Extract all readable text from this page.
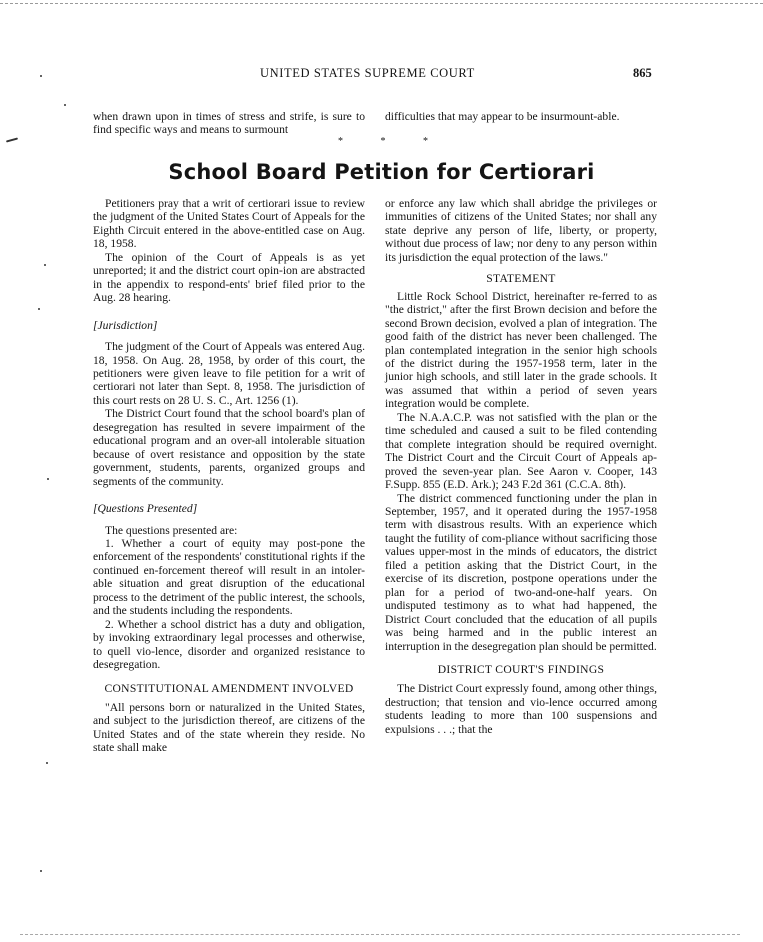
UNITED STATES SUPREME COURT	865

when drawn upon in times of stress and strife, is sure to find specific ways and means to surmount

difficulties that may appear to be insurmount-able.

*	*	*
School Board Petition for Certiorari

Petitioners pray that a writ of certiorari issue to review the judgment of the United States Court of Appeals for the Eighth Circuit entered in the above-entitled case on Aug. 18, 1958.

The opinion of the Court of Appeals is as yet unreported; it and the district court opin-ion are abstracted in the appendix to respond-ents' brief filed prior to the Aug. 28 hearing.

[Jurisdiction]

The judgment of the Court of Appeals was entered Aug. 18, 1958. On Aug. 28, 1958, by order of this court, the petitioners were given leave to file petition for a writ of certiorari not later than Sept. 8, 1958. The jurisdiction of this court rests on 28 U. S. C., Art. 1256 (1).

The District Court found that the school board's plan of desegregation has resulted in severe impairment of the educational program and an over-all intolerable situation because of overt resistance and opposition by the state government, students, parents, organized groups and segments of the community.

[Questions Presented]

The questions presented are:

1. Whether a court of equity may post-pone the enforcement of the respondents' constitutional rights if the continued en-forcement thereof will result in an intoler-able situation and great disruption of the educational process to the detriment of the public interest, the schools, and the students including the respondents.

2. Whether a school district has a duty and obligation, by invoking extraordinary legal processes and otherwise, to quell vio-lence, disorder and organized resistance to desegregation.

CONSTITUTIONAL AMENDMENT INVOLVED

"All persons born or naturalized in the United States, and subject to the jurisdiction thereof, are citizens of the United States and of the state wherein they reside. No state shall make

or enforce any law which shall abridge the privileges or immunities of citizens of the United States; nor shall any state deprive any person of life, liberty, or property, without due process of law; nor deny to any person within its jurisdiction the equal protection of the laws."

STATEMENT

Little Rock School District, hereinafter re-ferred to as "the district," after the first Brown decision and before the second Brown decision, evolved a plan of integration. The good faith of the district has never been challenged. The plan contemplated integration in the senior high schools of the district during the 1957-1958 term, later in the junior high schools, and still later in the grade schools. It was assumed that within a period of seven years integration would be complete.

The N.A.A.C.P. was not satisfied with the plan or the time scheduled and caused a suit to be filed contending that complete integration should be required overnight. The District Court and the Circuit Court of Appeals ap-proved the seven-year plan. See Aaron v. Cooper, 143 F.Supp. 855 (E.D. Ark.); 243 F.2d 361 (C.C.A. 8th).

The district commenced functioning under the plan in September, 1957, and it operated during the 1957-1958 term with disastrous results. With an experience which taught the futility of com-pliance without sacrificing those values upper-most in the minds of educators, the district filed a petition asking that the District Court, in the exercise of its discretion, postpone operations under the plan for a period of two-and-one-half years. On undisputed testimony as to what had happened, the District Court concluded that the education of all pupils was being harmed and in the public interest an interruption in the desegregation plan should be permitted.

DISTRICT COURT'S FINDINGS

The District Court expressly found, among other things, destruction; that tension and vio-lence occurred among students leading to more than 100 suspensions and expulsions . . .; that the
